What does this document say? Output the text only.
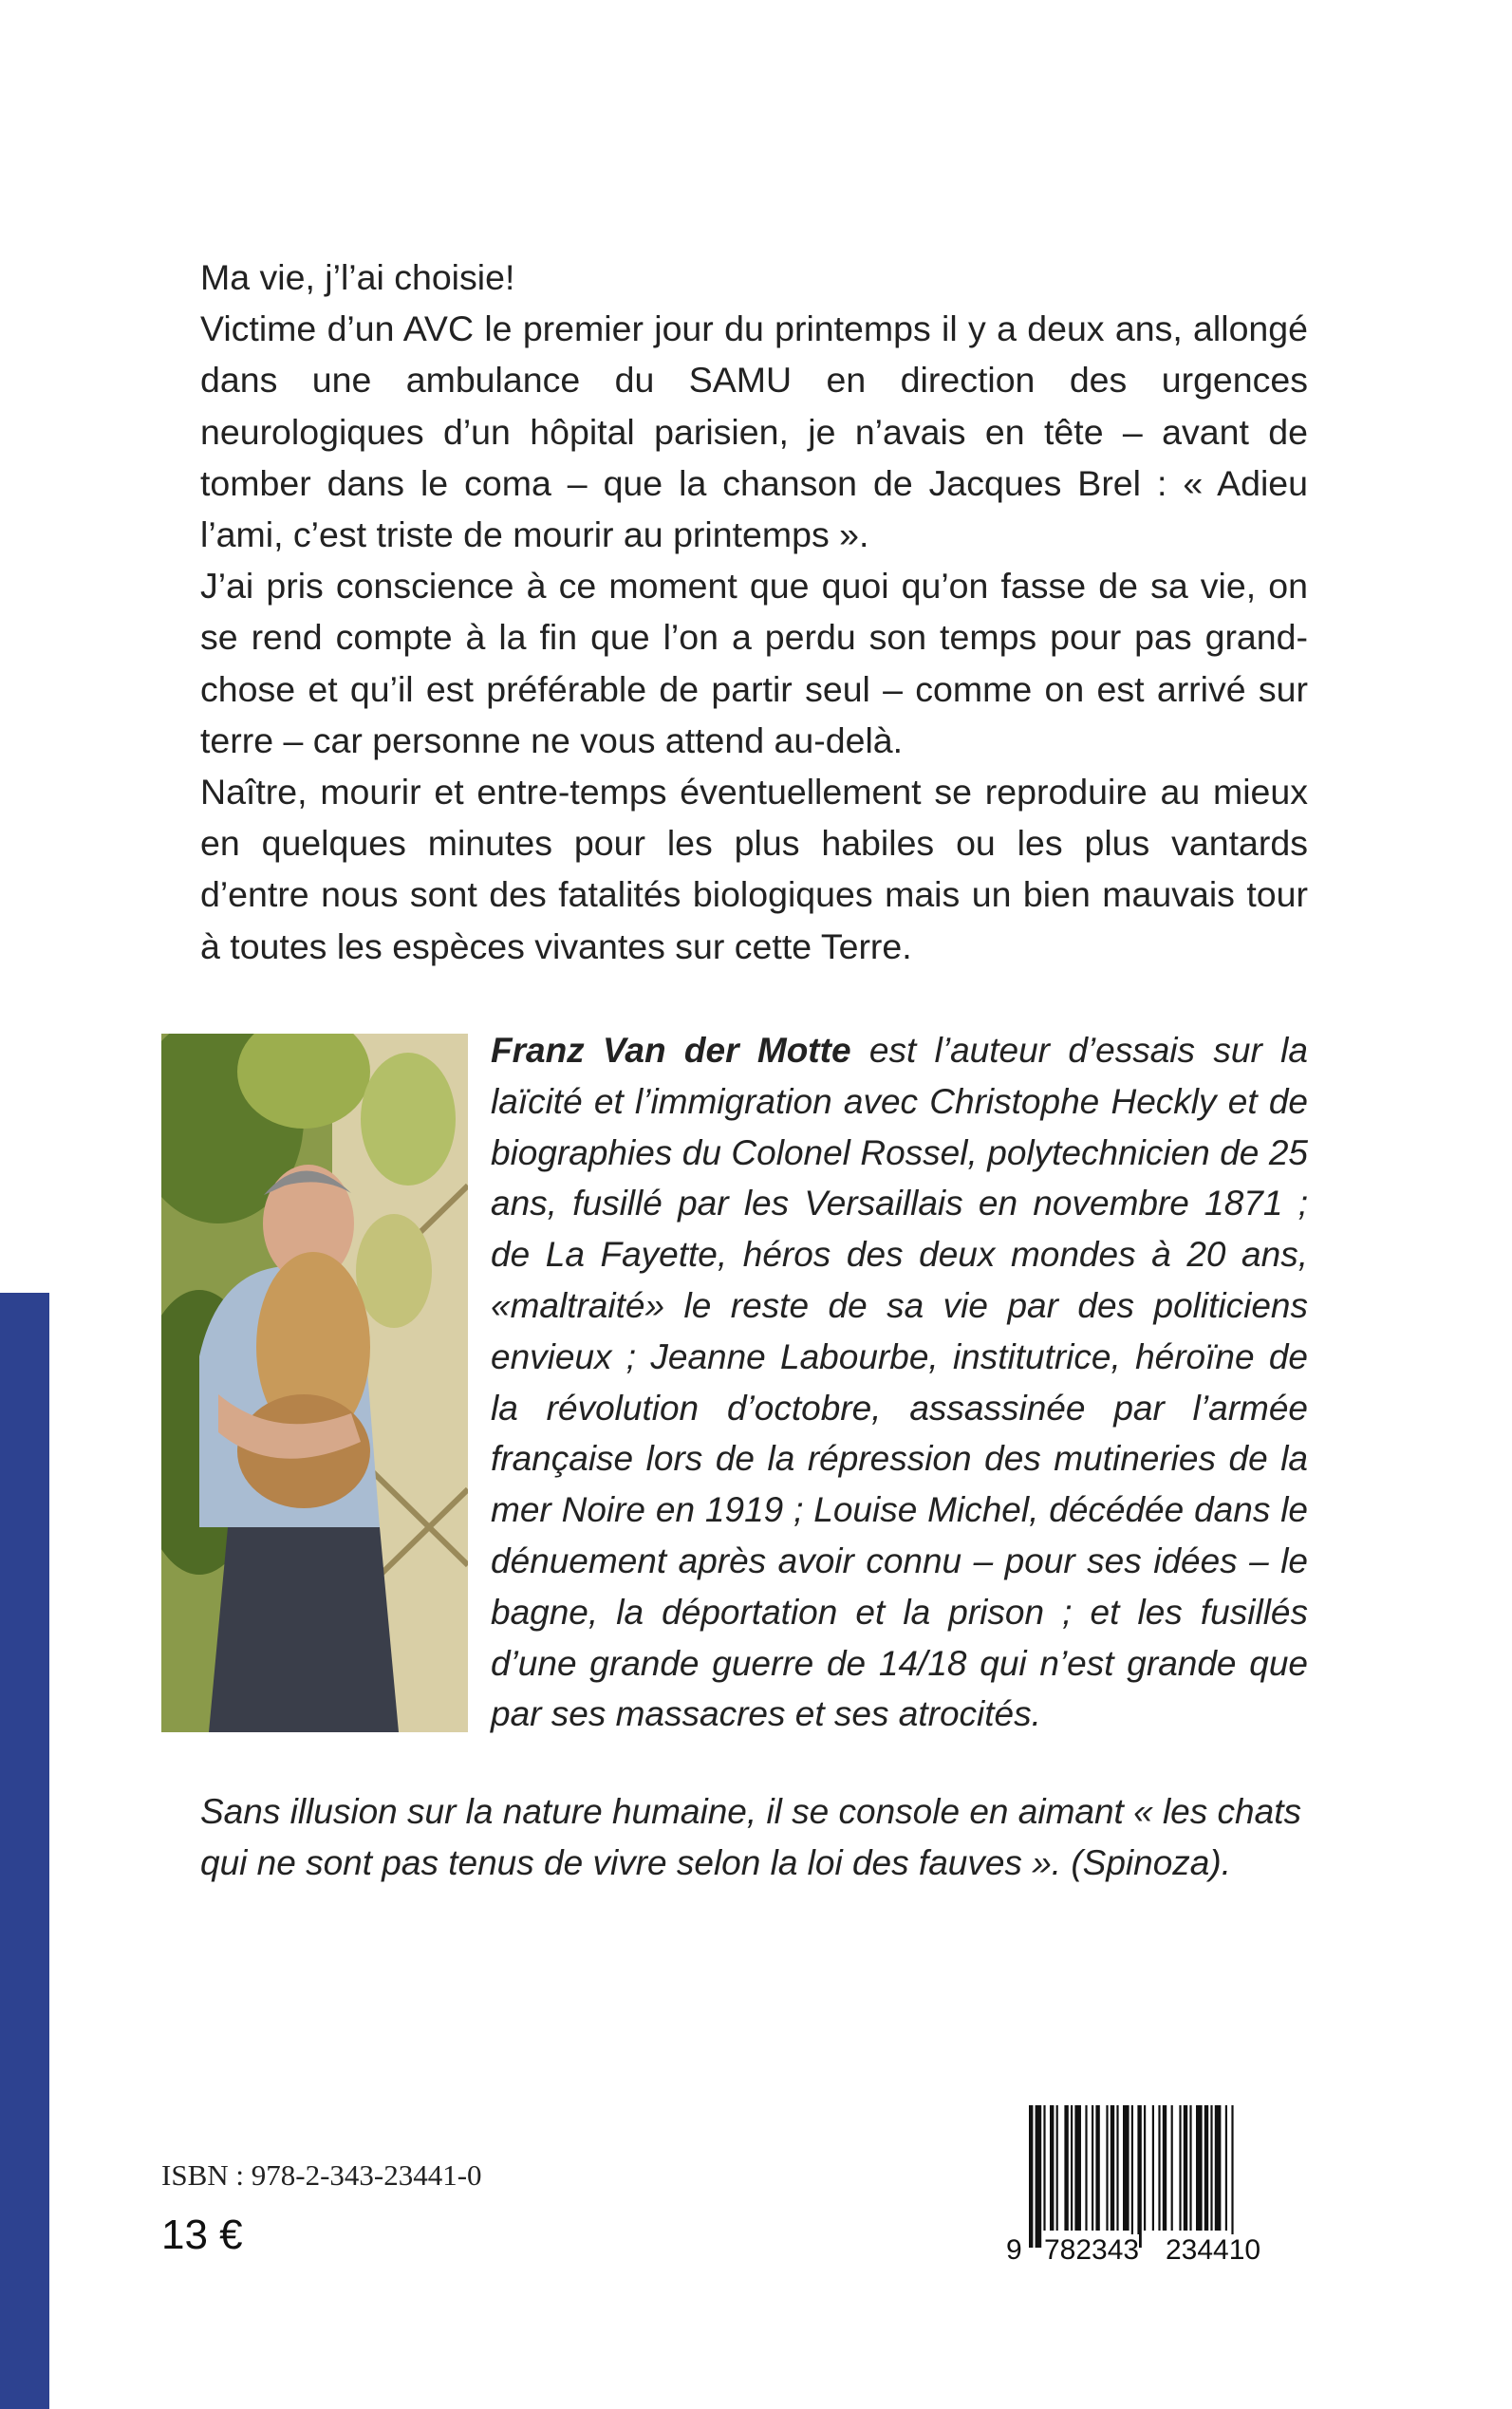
Ma vie, j’l’ai choisie!

Victime d’un AVC le premier jour du printemps il y a deux ans, allongé dans une ambulance du SAMU en direction des urgences neurologiques d’un hôpital parisien, je n’avais en tête – avant de tomber dans le coma – que la chanson de Jacques Brel : « Adieu l’ami, c’est triste de mourir au printemps ».

J’ai pris conscience à ce moment que quoi qu’on fasse de sa vie, on se rend compte à la fin que l’on a perdu son temps pour pas grand-chose et qu’il est préférable de partir seul – comme on est arrivé sur terre – car personne ne vous attend au-delà.

Naître, mourir et entre-temps éventuellement se reproduire au mieux en quelques minutes pour les plus habiles ou les plus vantards d’entre nous sont des fatalités biologiques mais un bien mauvais tour à toutes les espèces vivantes sur cette Terre.

Franz Van der Motte est l’auteur d’essais sur la laïcité et l’immigration avec Christophe Heckly et de biographies du Colonel Rossel, polytechnicien de 25 ans, fusillé par les Versaillais en novembre 1871 ; de La Fayette, héros des deux mondes à 20 ans, «maltraité» le reste de sa vie par des politiciens envieux ; Jeanne Labourbe, institutrice, héroïne de la révolution d’octobre, assassinée par l’armée française lors de la répression des mutineries de la mer Noire en 1919 ; Louise Michel, décédée dans le dénuement après avoir connu – pour ses idées – le bagne, la déportation et la prison ; et les fusillés d’une grande guerre de 14/18 qui n’est grande que par ses massacres et ses atrocités.

Sans illusion sur la nature humaine, il se console en aimant « les chats qui ne sont pas tenus de vivre selon la loi des fauves ». (Spinoza).

ISBN : 978-2-343-23441-0
13 €	9 782343 234410
